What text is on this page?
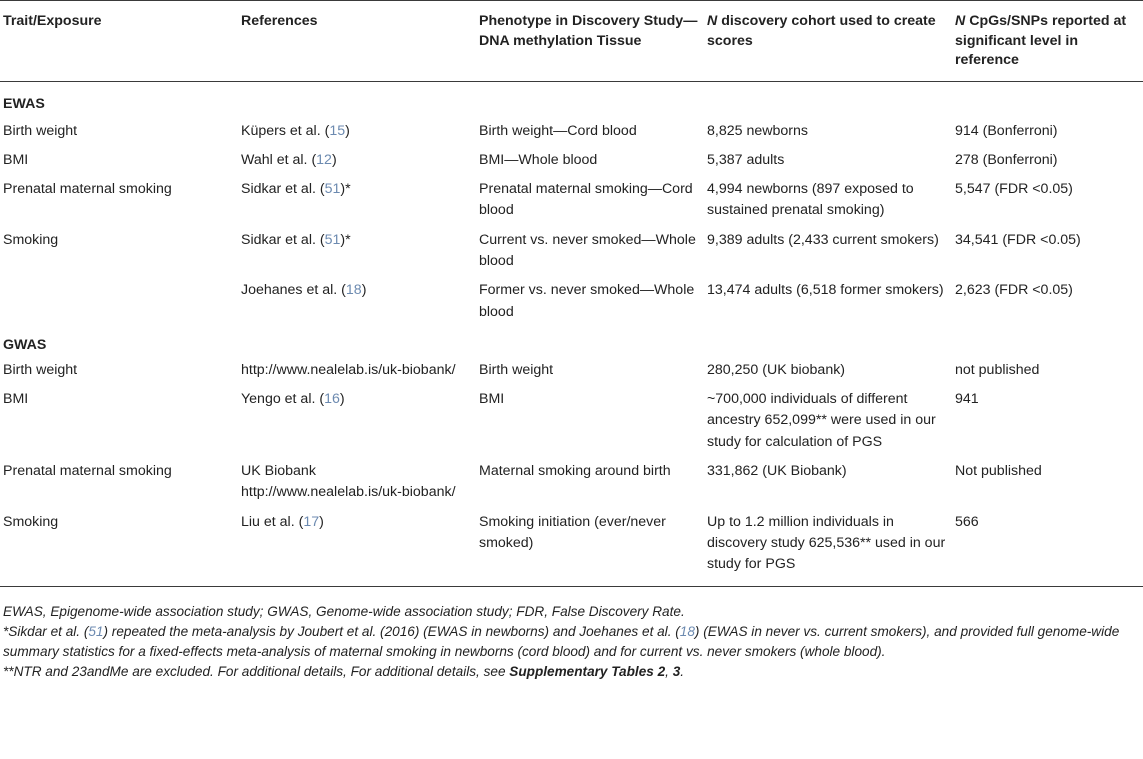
Trait/Exposure	References	Phenotype in Discovery Study—DNA methylation Tissue	N discovery cohort used to create scores	N CpGs/SNPs reported at significant level in reference
EWAS				
Birth weight	Küpers et al. (15)	Birth weight—Cord blood	8,825 newborns	914 (Bonferroni)
BMI	Wahl et al. (12)	BMI—Whole blood	5,387 adults	278 (Bonferroni)
Prenatal maternal smoking	Sidkar et al. (51)*	Prenatal maternal smoking—Cord blood	4,994 newborns (897 exposed to sustained prenatal smoking)	5,547 (FDR <0.05)
Smoking	Sidkar et al. (51)*	Current vs. never smoked—Whole blood	9,389 adults (2,433 current smokers)	34,541 (FDR <0.05)
	Joehanes et al. (18)	Former vs. never smoked—Whole blood	13,474 adults (6,518 former smokers)	2,623 (FDR <0.05)
GWAS				
Birth weight	http://www.nealelab.is/uk-biobank/	Birth weight	280,250 (UK biobank)	not published
BMI	Yengo et al. (16)	BMI	~700,000 individuals of different ancestry 652,099** were used in our study for calculation of PGS	941
Prenatal maternal smoking	UK Biobank http://www.nealelab.is/uk-biobank/	Maternal smoking around birth	331,862 (UK Biobank)	Not published
Smoking	Liu et al. (17)	Smoking initiation (ever/never smoked)	Up to 1.2 million individuals in discovery study 625,536** used in our study for PGS	566
EWAS, Epigenome-wide association study; GWAS, Genome-wide association study; FDR, False Discovery Rate.
*Sikdar et al. (51) repeated the meta-analysis by Joubert et al. (2016) (EWAS in newborns) and Joehanes et al. (18) (EWAS in never vs. current smokers), and provided full genome-wide summary statistics for a fixed-effects meta-analysis of maternal smoking in newborns (cord blood) and for current vs. never smokers (whole blood).
**NTR and 23andMe are excluded. For additional details, For additional details, see Supplementary Tables 2, 3.
